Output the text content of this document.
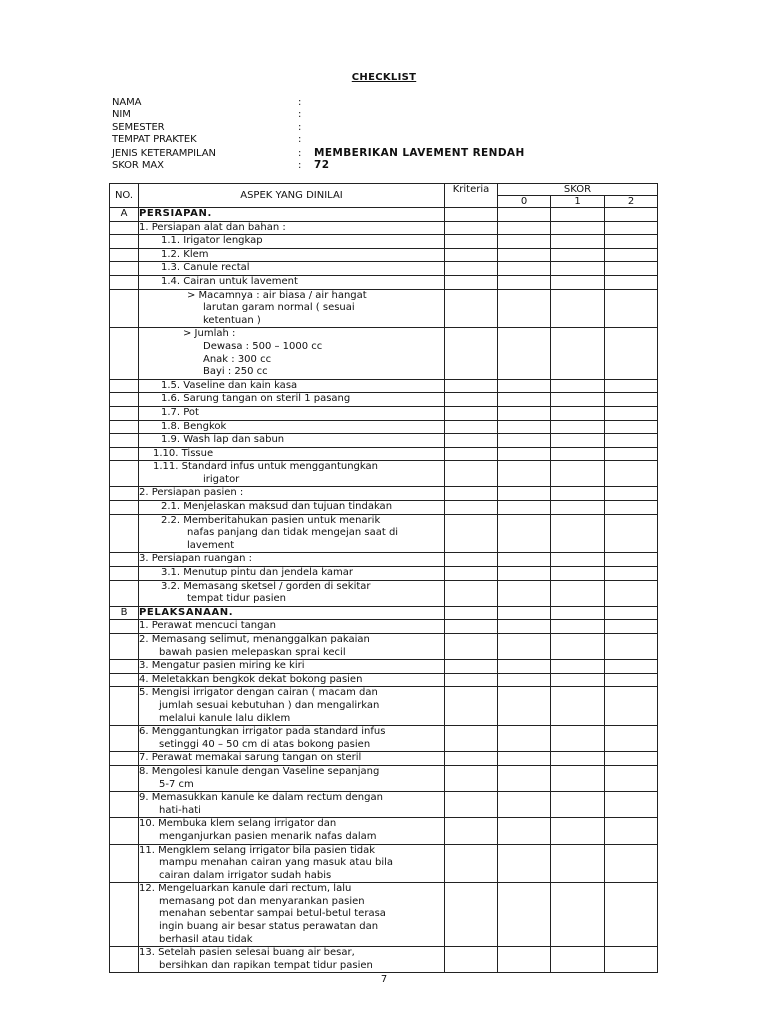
CHECKLIST
NAMA	:
NIM	:
SEMESTER	:
TEMPAT PRAKTEK	:
JENIS KETERAMPILAN	: MEMBERIKAN LAVEMENT RENDAH
SKOR MAX	: 72
NO.	ASPEK YANG DINILAI	Kriteria	SKOR		
			0	1	2
A	PERSIAPAN.				

	1. Persiapan alat dan bahan :				

	1.1. Irigator lengkap				

	1.2. Klem				

	1.3. Canule rectal				

	1.4. Cairan untuk lavement				

	> Macamnya : air biasa / air hangat
larutan garam normal ( sesuai
ketentuan )				

	> Jumlah :
Dewasa : 500 – 1000 cc
Anak : 300 cc
Bayi : 250 cc				

	1.5. Vaseline dan kain kasa				

	1.6. Sarung tangan on steril 1 pasang				

	1.7. Pot				

	1.8. Bengkok				

	1.9. Wash lap dan sabun				

	1.10. Tissue				

	1.11. Standard infus untuk menggantungkan
irigator				

	2. Persiapan pasien :				

	2.1. Menjelaskan maksud dan tujuan tindakan				

	2.2. Memberitahukan pasien untuk menarik
nafas panjang dan tidak mengejan saat di
lavement				

	3. Persiapan ruangan :				

	3.1. Menutup pintu dan jendela kamar				

	3.2. Memasang sketsel / gorden di sekitar
tempat tidur pasien				

B	PELAKSANAAN.				

	1. Perawat mencuci tangan				

	2. Memasang selimut, menanggalkan pakaian
bawah pasien melepaskan sprai kecil				

	3. Mengatur pasien miring ke kiri				

	4. Meletakkan bengkok dekat bokong pasien				

	5. Mengisi irrigator dengan cairan ( macam dan
jumlah sesuai kebutuhan ) dan mengalirkan
melalui kanule lalu diklem				

	6. Menggantungkan irrigator pada standard infus
setinggi 40 – 50 cm di atas bokong pasien				

	7. Perawat memakai sarung tangan on steril				

	8. Mengolesi kanule dengan Vaseline sepanjang
5-7 cm				

	9. Memasukkan kanule ke dalam rectum dengan
hati-hati				

	10. Membuka klem selang irrigator dan
menganjurkan pasien menarik nafas dalam				

	11. Mengklem selang irrigator bila pasien tidak
mampu menahan cairan yang masuk atau bila
cairan dalam irrigator sudah habis				

	12. Mengeluarkan kanule dari rectum, lalu
memasang pot dan menyarankan pasien
menahan sebentar sampai betul-betul terasa
ingin buang air besar status perawatan dan
berhasil atau tidak				

	13. Setelah pasien selesai buang air besar,
bersihkan dan rapikan tempat tidur pasien				

7
